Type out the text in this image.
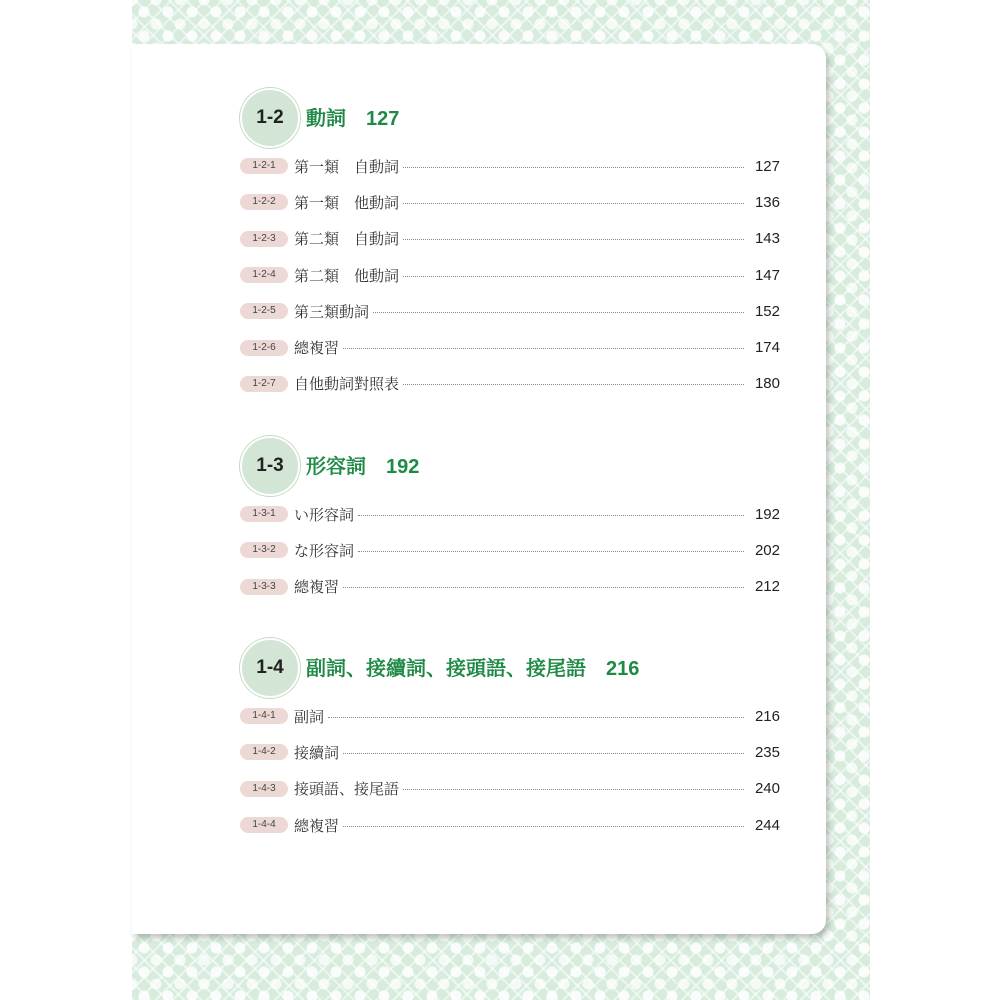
1-2	動詞 127
1-2-1	第一類　自動詞	127
1-2-2	第一類　他動詞	136
1-2-3	第二類　自動詞	143
1-2-4	第二類　他動詞	147
1-2-5	第三類動詞	152
1-2-6	總複習	174
1-2-7	自他動詞對照表	180
1-3	形容詞 192
1-3-1	い形容詞	192
1-3-2	な形容詞	202
1-3-3	總複習	212
1-4	副詞、接續詞、接頭語、接尾語 216
1-4-1	副詞	216
1-4-2	接續詞	235
1-4-3	接頭語、接尾語	240
1-4-4	總複習	244
